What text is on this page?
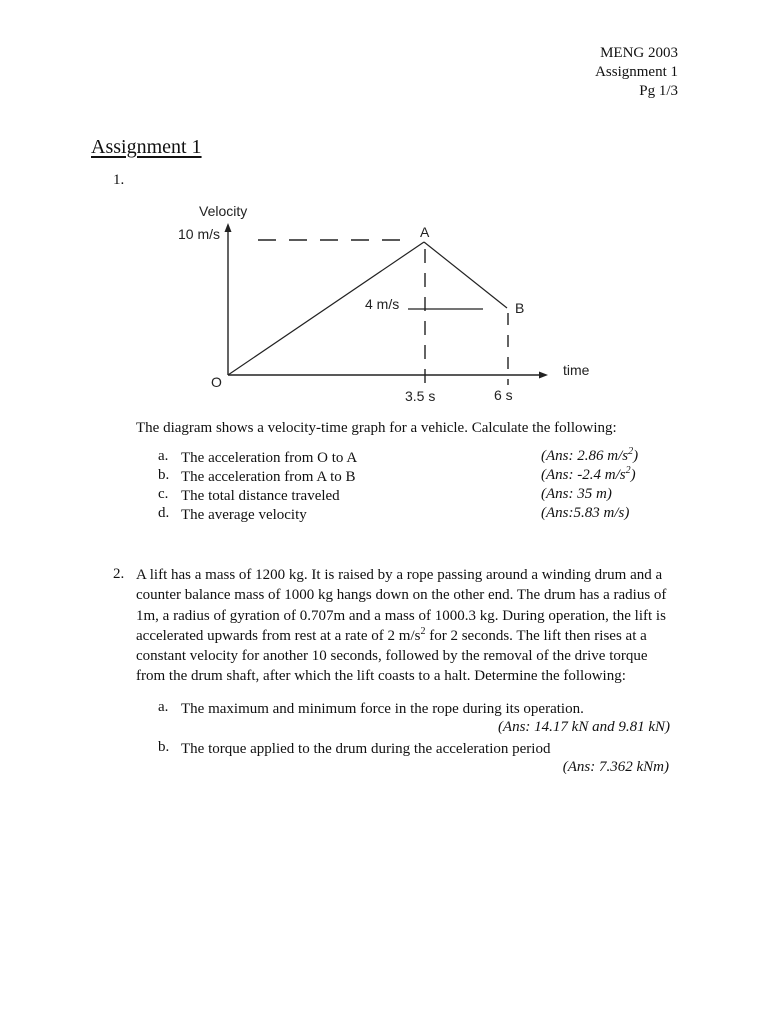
MENG 2003
Assignment 1
Pg 1/3
Assignment 1
1.
Velocity
10 m/s
O
A
B
4 m/s
time
3.5 s	6 s
The diagram shows a velocity-time graph for a vehicle. Calculate the following:
a. The acceleration from O to A	(Ans: 2.86 $m/s^2$)
b. The acceleration from A to B	(Ans: -2.4 $m/s^2$)
c. The total distance traveled	(Ans: 35 m)
d. The average velocity	(Ans:5.83 m/s)
2. A lift has a mass of 1200 kg. It is raised by a rope passing around a winding drum and a counter balance mass of 1000 kg hangs down on the other end. The drum has a radius of 1m, a radius of gyration of 0.707m and a mass of 1000.3 kg. During operation, the lift is accelerated upwards from rest at a rate of 2 $m/s^2$ for 2 seconds. The lift then rises at a constant velocity for another 10 seconds, followed by the removal of the drive torque from the drum shaft, after which the lift coasts to a halt. Determine the following:

a. The maximum and minimum force in the rope during its operation.
(Ans: 14.17 kN and 9.81 kN)
b. The torque applied to the drum during the acceleration period
(Ans: 7.362 kNm)
